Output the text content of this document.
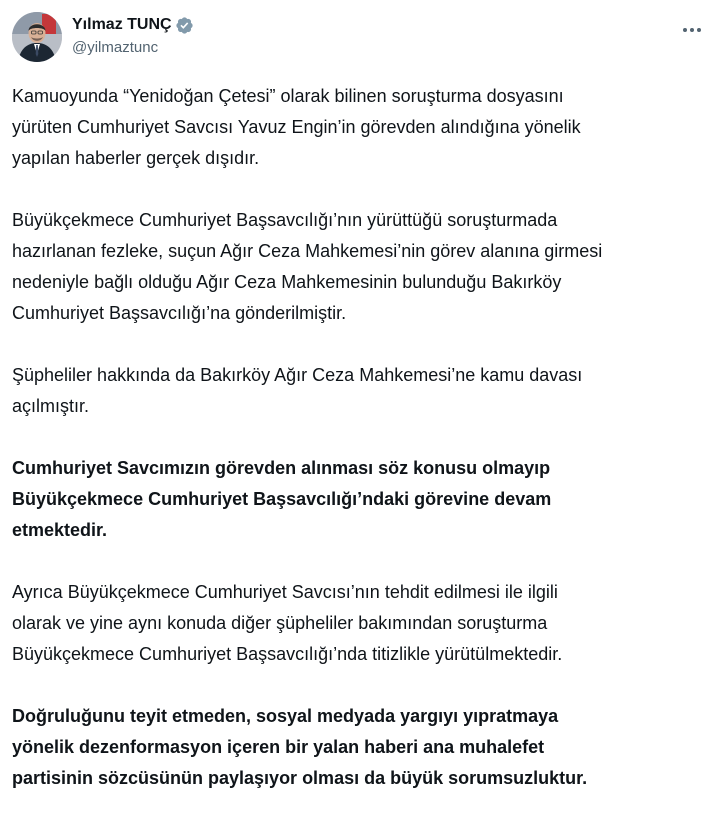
Yılmaz TUNÇ
@yilmaztunc

Kamuoyunda “Yenidoğan Çetesi” olarak bilinen soruşturma dosyasını
yürüten Cumhuriyet Savcısı Yavuz Engin’in görevden alındığına yönelik
yapılan haberler gerçek dışıdır.

Büyükçekmece Cumhuriyet Başsavcılığı’nın yürüttüğü soruşturmada
hazırlanan fezleke, suçun Ağır Ceza Mahkemesi’nin görev alanına girmesi
nedeniyle bağlı olduğu Ağır Ceza Mahkemesinin bulunduğu Bakırköy
Cumhuriyet Başsavcılığı’na gönderilmiştir.

Şüpheliler hakkında da Bakırköy Ağır Ceza Mahkemesi’ne kamu davası
açılmıştır.

Cumhuriyet Savcımızın görevden alınması söz konusu olmayıp
Büyükçekmece Cumhuriyet Başsavcılığı’ndaki görevine devam
etmektedir.

Ayrıca Büyükçekmece Cumhuriyet Savcısı’nın tehdit edilmesi ile ilgili
olarak ve yine aynı konuda diğer şüpheliler bakımından soruşturma
Büyükçekmece Cumhuriyet Başsavcılığı’nda titizlikle yürütülmektedir.

Doğruluğunu teyit etmeden, sosyal medyada yargıyı yıpratmaya
yönelik dezenformasyon içeren bir yalan haberi ana muhalefet
partisinin sözcüsünün paylaşıyor olması da büyük sorumsuzluktur.
